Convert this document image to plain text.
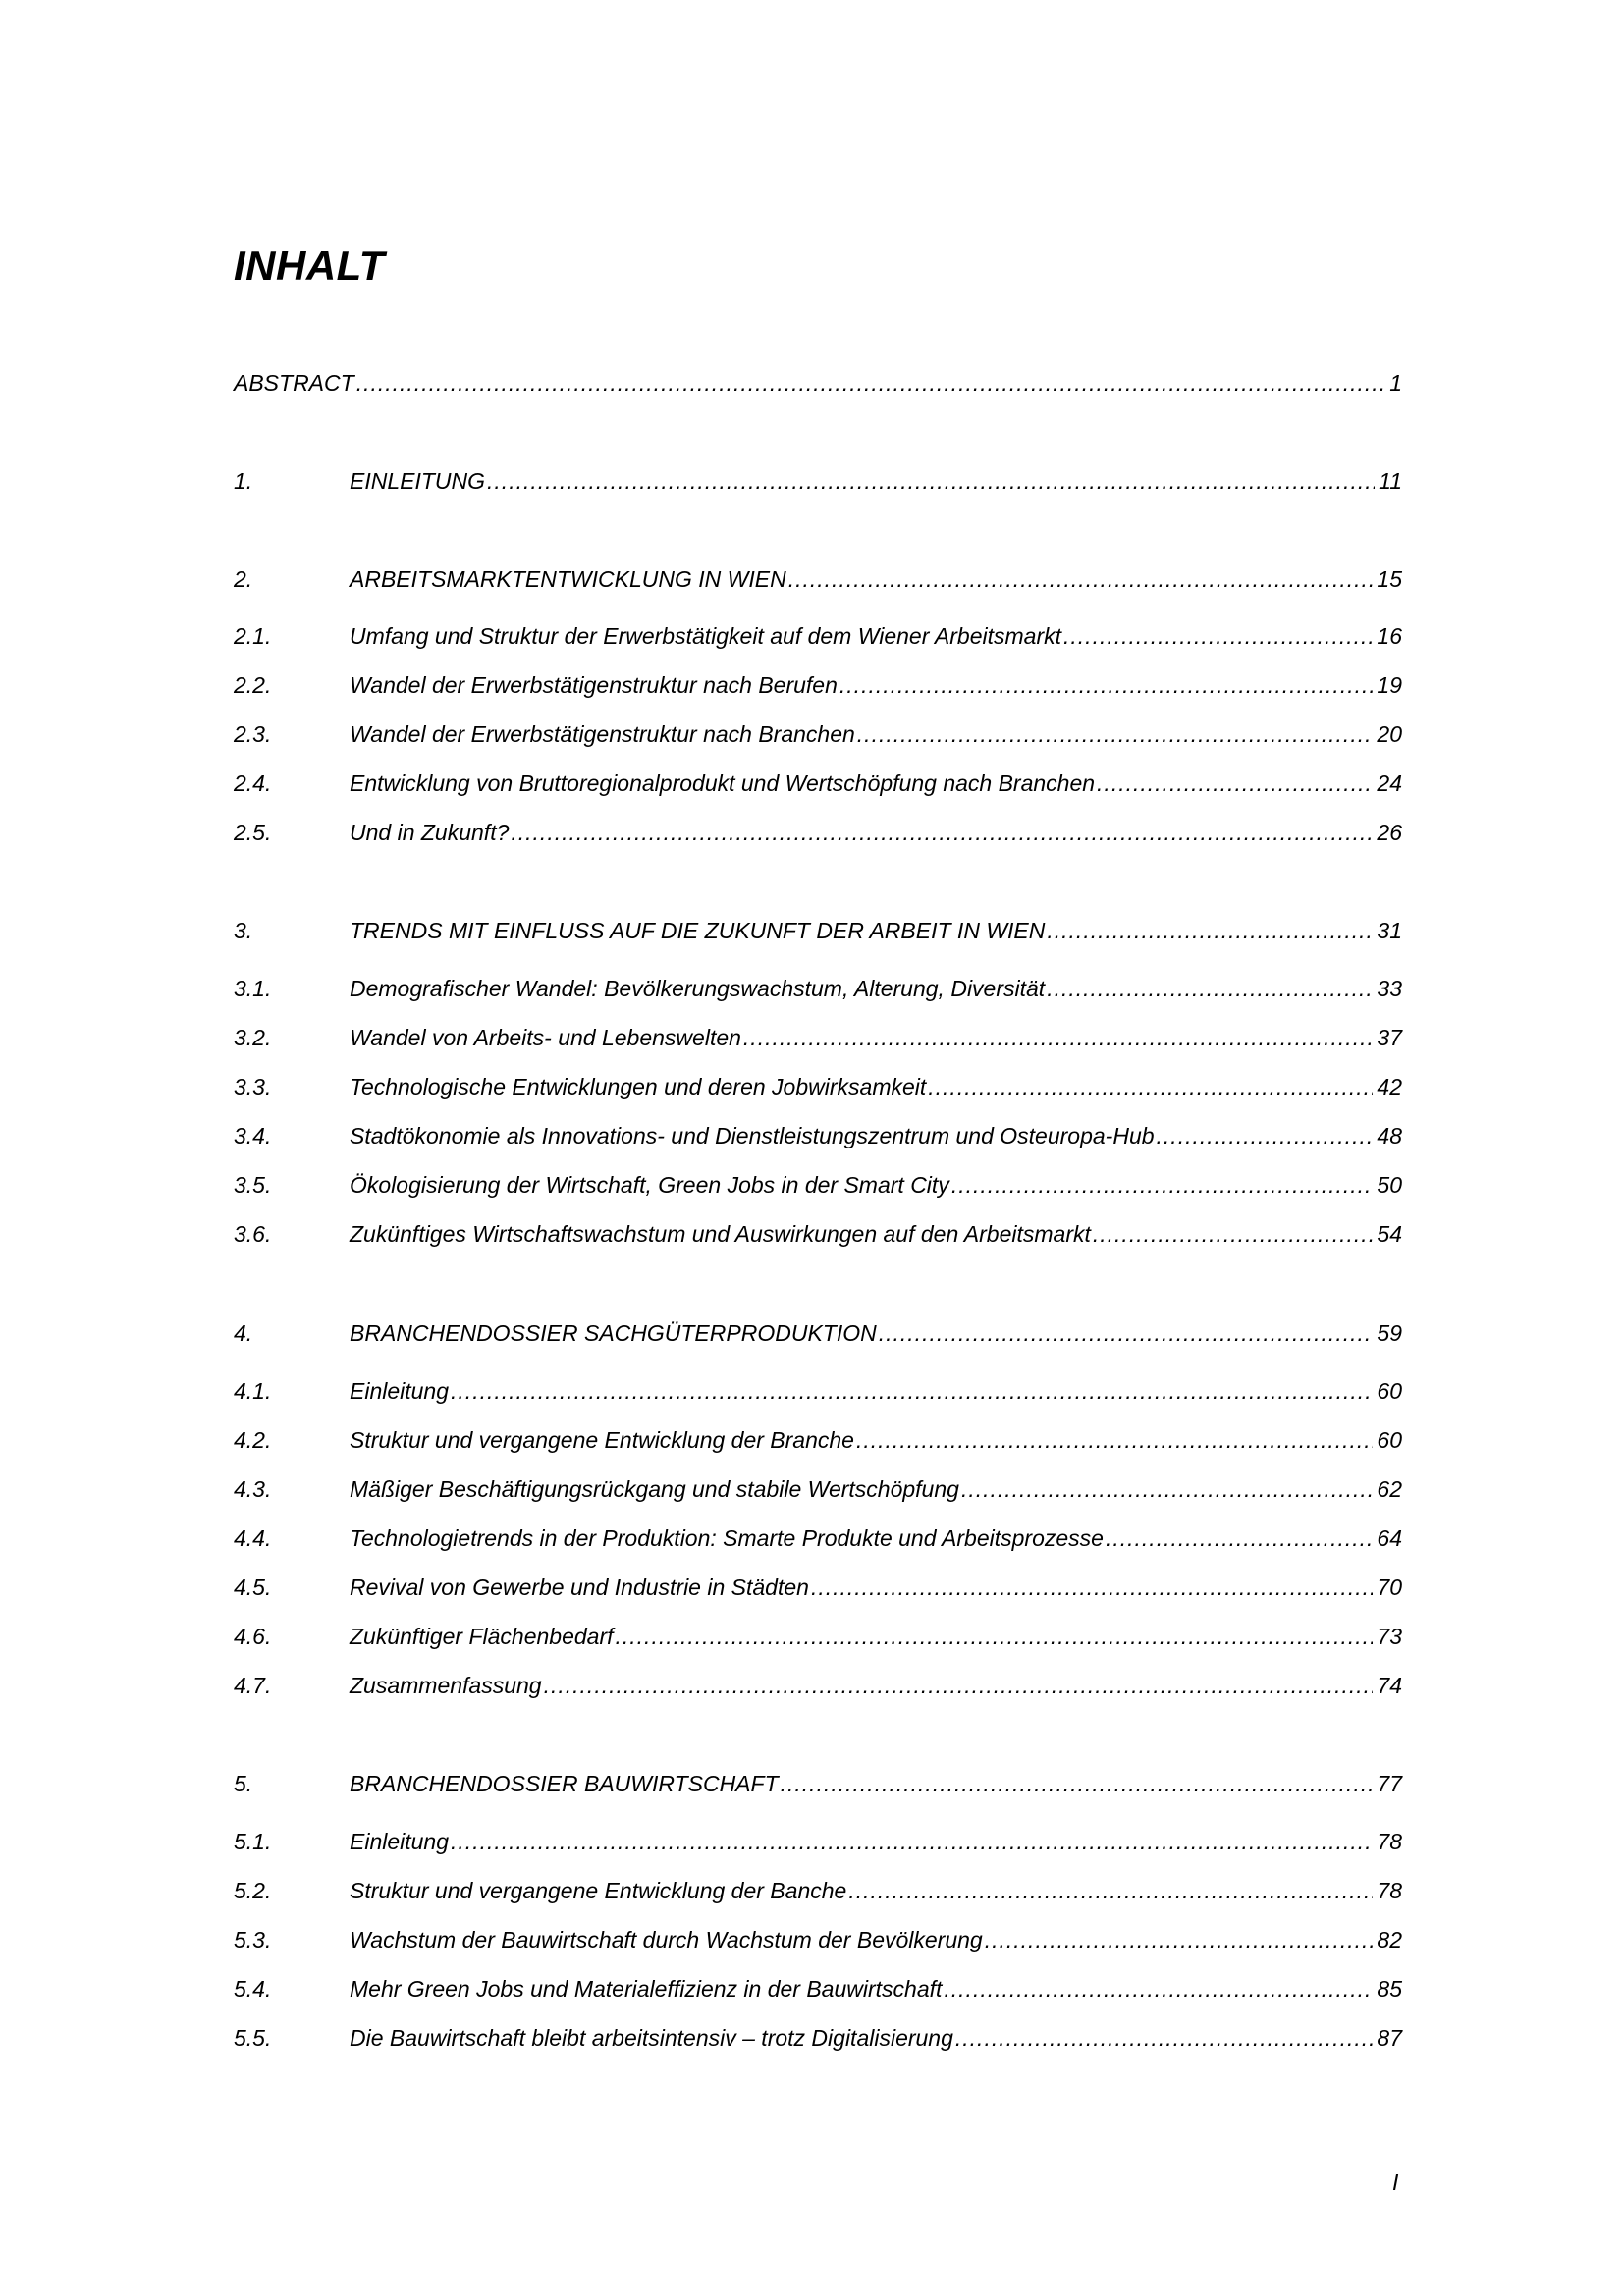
INHALT
ABSTRACT .....	1
1.	EINLEITUNG .....	11
2.	ARBEITSMARKTENTWICKLUNG IN WIEN .....	15
2.1.	Umfang und Struktur der Erwerbstätigkeit auf dem Wiener Arbeitsmarkt .....	16
2.2.	Wandel der Erwerbstätigenstruktur nach Berufen .....	19
2.3.	Wandel der Erwerbstätigenstruktur nach Branchen .....	20
2.4.	Entwicklung von Bruttoregionalprodukt und Wertschöpfung nach Branchen .....	24
2.5.	Und in Zukunft? .....	26
3.	TRENDS MIT EINFLUSS AUF DIE ZUKUNFT DER ARBEIT IN WIEN .....	31
3.1.	Demografischer Wandel: Bevölkerungswachstum, Alterung, Diversität .....	33
3.2.	Wandel von Arbeits- und Lebenswelten .....	37
3.3.	Technologische Entwicklungen und deren Jobwirksamkeit .....	42
3.4.	Stadtökonomie als Innovations- und Dienstleistungszentrum und Osteuropa-Hub .....	48
3.5.	Ökologisierung der Wirtschaft, Green Jobs in der Smart City .....	50
3.6.	Zukünftiges Wirtschaftswachstum und Auswirkungen auf den Arbeitsmarkt .....	54
4.	BRANCHENDOSSIER SACHGÜTERPRODUKTION .....	59
4.1.	Einleitung .....	60
4.2.	Struktur und vergangene Entwicklung der Branche .....	60
4.3.	Mäßiger Beschäftigungsrückgang und stabile Wertschöpfung .....	62
4.4.	Technologietrends in der Produktion: Smarte Produkte und Arbeitsprozesse .....	64
4.5.	Revival von Gewerbe und Industrie in Städten .....	70
4.6.	Zukünftiger Flächenbedarf .....	73
4.7.	Zusammenfassung .....	74
5.	BRANCHENDOSSIER BAUWIRTSCHAFT .....	77
5.1.	Einleitung .....	78
5.2.	Struktur und vergangene Entwicklung der Banche .....	78
5.3.	Wachstum der Bauwirtschaft durch Wachstum der Bevölkerung .....	82
5.4.	Mehr Green Jobs und Materialeffizienz in der Bauwirtschaft .....	85
5.5.	Die Bauwirtschaft bleibt arbeitsintensiv – trotz Digitalisierung .....	87
I
